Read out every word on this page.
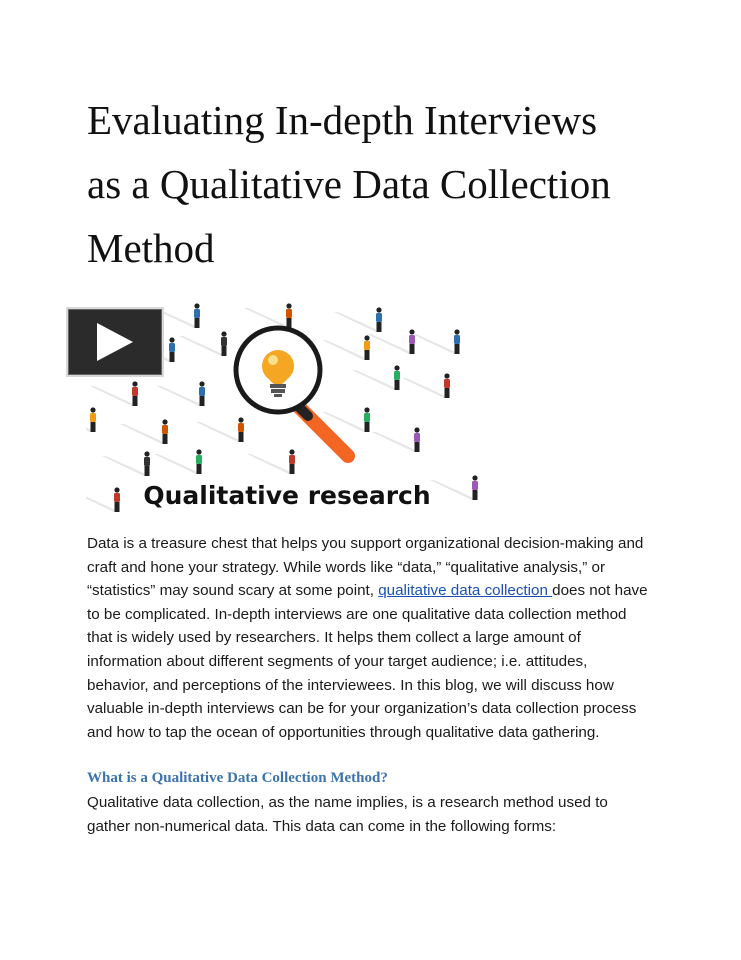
Evaluating In-depth Interviews
as a Qualitative Data Collection
Method
Qualitative research
Data is a treasure chest that helps you support organizational decision-making and craft and hone your strategy. While words like “data,” “qualitative analysis,” or “statistics” may sound scary at some point, qualitative data collection does not have to be complicated. In-depth interviews are one qualitative data collection method that is widely used by researchers. It helps them collect a large amount of information about different segments of your target audience; i.e. attitudes, behavior, and perceptions of the interviewees. In this blog, we will discuss how valuable in-depth interviews can be for your organization’s data collection process and how to tap the ocean of opportunities through qualitative data gathering.
What is a Qualitative Data Collection Method?
Qualitative data collection, as the name implies, is a research method used to gather non-numerical data. This data can come in the following forms:
